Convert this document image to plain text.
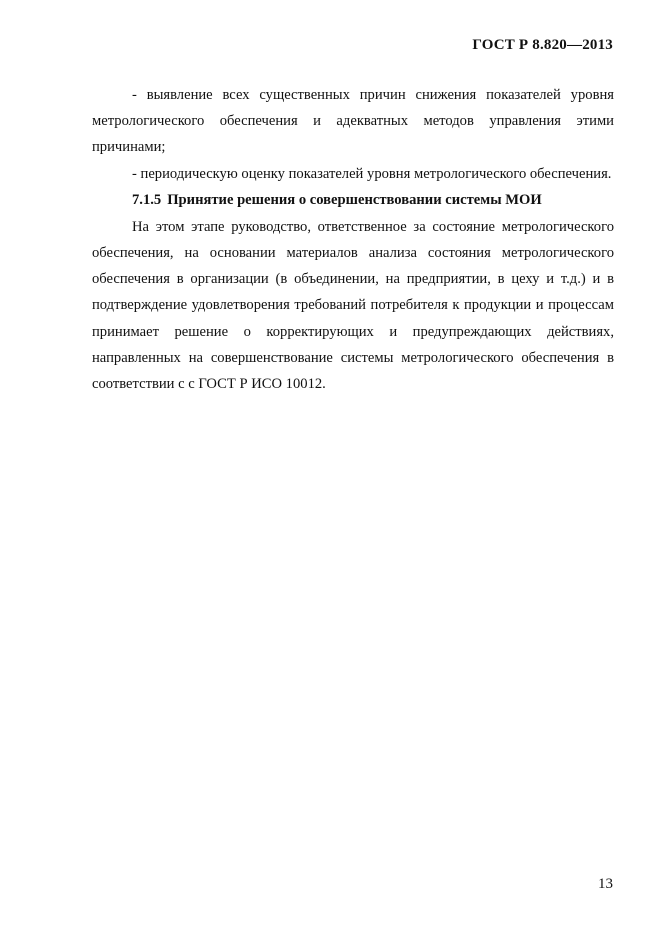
ГОСТ Р 8.820—2013

- выявление всех существенных причин снижения показателей уровня метрологического обеспечения и адекватных методов управления этими причинами;

- периодическую оценку показателей уровня метрологического обеспечения.

7.1.5 Принятие решения о совершенствовании системы МОИ

На этом этапе руководство, ответственное за состояние метрологического обеспечения, на основании материалов анализа состояния метрологического обеспечения в организации (в объединении, на предприятии, в цеху и т.д.) и в подтверждение удовлетворения требований потребителя к продукции и процессам принимает решение о корректирующих и предупреждающих действиях, направленных на совершенствование системы метрологического обеспечения в соответствии с с ГОСТ Р ИСО 10012.

13
